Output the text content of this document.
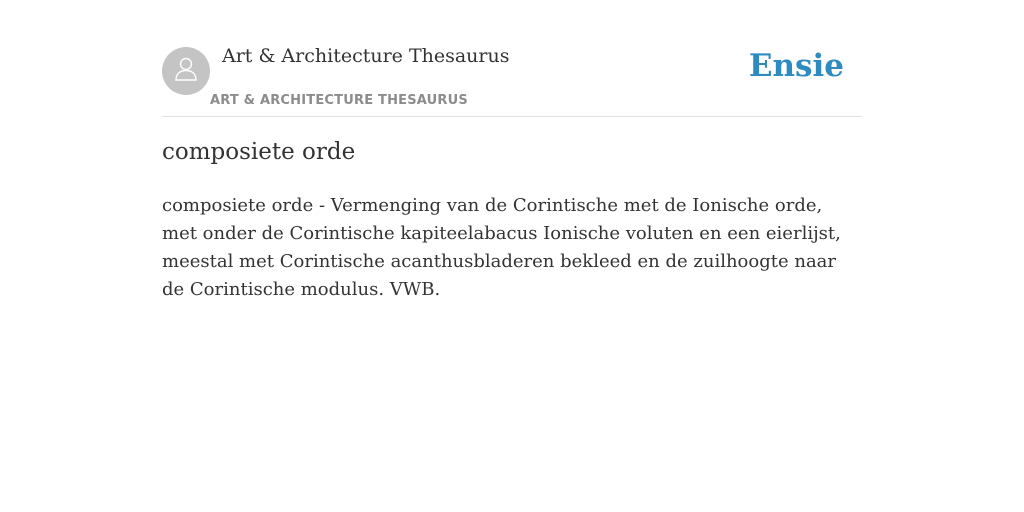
Art & Architecture Thesaurus
ART & ARCHITECTURE THESAURUS
Ensie
composiete orde

composiete orde - Vermenging van de Corintische met de Ionische orde, met onder de Corintische kapiteelabacus Ionische voluten en een eierlijst, meestal met Corintische acanthusbladeren bekleed en de zuilhoogte naar de Corintische modulus. VWB.
